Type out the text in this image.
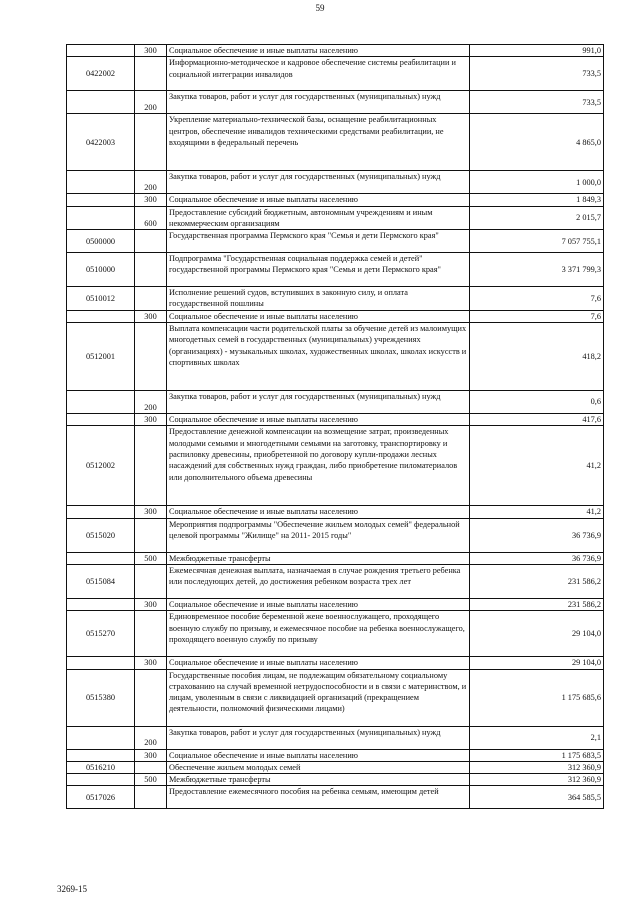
59
	300	Социальное обеспечение и иные выплаты населению	991,0
0422002		Информационно-методическое и кадровое обеспечение системы реабилитации и социальной интеграции инвалидов	733,5
	200	Закупка товаров, работ и услуг для государственных (муниципальных) нужд	733,5
0422003		Укрепление материально-технической базы, оснащение реабилитационных центров, обеспечение инвалидов техническими средствами реабилитации, не входящими в федеральный перечень	4 865,0
	200	Закупка товаров, работ и услуг для государственных (муниципальных) нужд	1 000,0
	300	Социальное обеспечение и иные выплаты населению	1 849,3
	600	Предоставление субсидий бюджетным, автономным учреждениям и иным некоммерческим организациям	2 015,7
0500000		Государственная программа Пермского края "Семья и дети Пермского края"	7 057 755,1
0510000		Подпрограмма "Государственная социальная поддержка семей и детей" государственной программы Пермского края "Семья и дети Пермского края"	3 371 799,3
0510012		Исполнение решений судов, вступивших в законную силу, и оплата государственной пошлины	7,6
	300	Социальное обеспечение и иные выплаты населению	7,6
0512001		Выплата компенсации части родительской платы за обучение детей из малоимущих многодетных семей в государственных (муниципальных) учреждениях (организациях) - музыкальных школах, художественных школах, школах искусств и спортивных школах	418,2
	200	Закупка товаров, работ и услуг для государственных (муниципальных) нужд	0,6
	300	Социальное обеспечение и иные выплаты населению	417,6
0512002		Предоставление денежной компенсации на возмещение затрат, произведенных молодыми семьями и многодетными семьями на заготовку, транспортировку и распиловку древесины, приобретенной по договору купли-продажи лесных насаждений для собственных нужд граждан, либо приобретение пиломатериалов или дополнительного объема древесины	41,2
	300	Социальное обеспечение и иные выплаты населению	41,2
0515020		Мероприятия подпрограммы "Обеспечение жильем молодых семей" федеральной целевой программы "Жилище" на 2011- 2015 годы"	36 736,9
	500	Межбюджетные трансферты	36 736,9
0515084		Ежемесячная денежная выплата, назначаемая в случае рождения третьего ребенка или последующих детей, до достижения ребенком возраста трех лет	231 586,2
	300	Социальное обеспечение и иные выплаты населению	231 586,2
0515270		Единовременное пособие беременной жене военнослужащего, проходящего военную службу по призыву, и ежемесячное пособие на ребенка военнослужащего, проходящего военную службу по призыву	29 104,0
	300	Социальное обеспечение и иные выплаты населению	29 104,0
0515380		Государственные пособия лицам, не подлежащим обязательному социальному страхованию на случай временной нетрудоспособности и в связи с материнством, и лицам, уволенным в связи с ликвидацией организаций (прекращением деятельности, полномочий физическими лицами)	1 175 685,6
	200	Закупка товаров, работ и услуг для государственных (муниципальных) нужд	2,1
	300	Социальное обеспечение и иные выплаты населению	1 175 683,5
0516210		Обеспечение жильем молодых семей	312 360,9
	500	Межбюджетные трансферты	312 360,9
0517026		Предоставление ежемесячного пособия на ребенка семьям, имеющим детей	364 585,5
3269-15
